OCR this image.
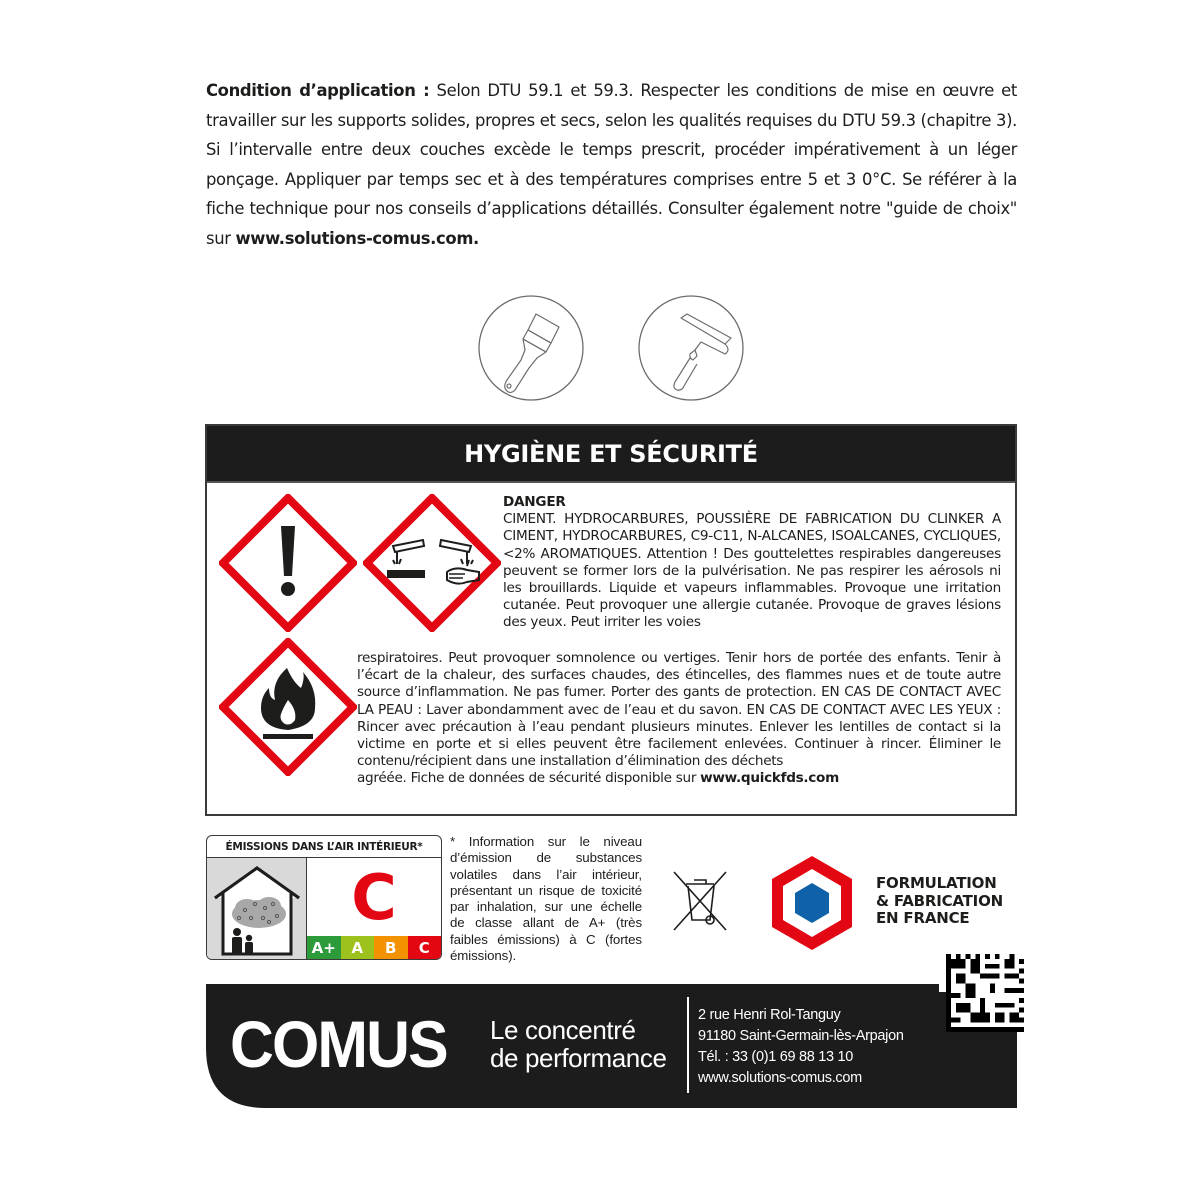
Condition d’application : Selon DTU 59.1 et 59.3. Respecter les conditions de mise en œuvre et travailler sur les supports solides, propres et secs, selon les qualités requises du DTU 59.3 (chapitre 3). Si l’intervalle entre deux couches excède le temps prescrit, procéder impérativement à un léger ponçage. Appliquer par temps sec et à des températures comprises entre 5 et 3 0°C. Se référer à la fiche technique pour nos conseils d’applications détaillés. Consulter également notre "guide de choix" sur www.solutions-comus.com.

HYGIÈNE ET SÉCURITÉ
DANGER
CIMENT. HYDROCARBURES, POUSSIÈRE DE FABRICATION DU CLINKER A CIMENT, HYDROCARBURES, C9-C11, N-ALCANES, ISOALCANES, CYCLIQUES, <2% AROMATIQUES. Attention ! Des gouttelettes respirables dangereuses peuvent se former lors de la pulvérisation. Ne pas respirer les aérosols ni les brouillards. Liquide et vapeurs inflammables. Provoque une irritation cutanée. Peut provoquer une allergie cutanée. Provoque de graves lésions des yeux. Peut irriter les voies
respiratoires. Peut provoquer somnolence ou vertiges. Tenir hors de portée des enfants. Tenir à l’écart de la chaleur, des surfaces chaudes, des étincelles, des flammes nues et de toute autre source d’inflammation. Ne pas fumer. Porter des gants de protection. EN CAS DE CONTACT AVEC LA PEAU : Laver abondamment avec de l’eau et du savon. EN CAS DE CONTACT AVEC LES YEUX : Rincer avec précaution à l’eau pendant plusieurs minutes. Enlever les lentilles de contact si la victime en porte et si elles peuvent être facilement enlevées. Continuer à rincer. Éliminer le contenu/récipient dans une installation d’élimination des déchets
agréée. Fiche de données de sécurité disponible sur www.quickfds.com
ÉMISSIONS DANS L’AIR INTÉRIEUR*
C
A+	A	B	C

* Information sur le niveau d’émission de substances volatiles dans l’air intérieur, présentant un risque de toxicité par inhalation, sur une échelle de classe allant de A+ (très faibles émissions) à C (fortes émissions).

FORMULATION
& FABRICATION
EN FRANCE
COMUS Le concentré
de performance
2 rue Henri Rol-Tanguy
91180 Saint-Germain-lès-Arpajon
Tél. : 33 (0)1 69 88 13 10
www.solutions-comus.com
